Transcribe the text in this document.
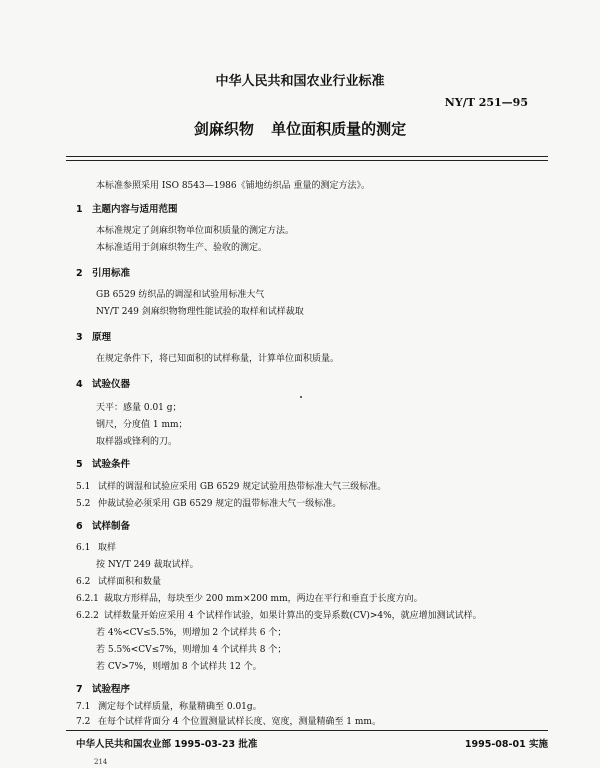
中华人民共和国农业行业标准
NY/T 251—95
剑麻织物 单位面积质量的测定
本标准参照采用 ISO 8543—1986《铺地纺织品 重量的测定方法》。
1 主题内容与适用范围
本标准规定了剑麻织物单位面积质量的测定方法。
本标准适用于剑麻织物生产、验收的测定。
2 引用标准
GB 6529 纺织品的调湿和试验用标准大气
NY/T 249 剑麻织物物理性能试验的取样和试样裁取
3 原理
在规定条件下，将已知面积的试样称量，计算单位面积质量。
4 试验仪器
天平：感量 0.01 g；
钢尺，分度值 1 mm；
取样器或锋利的刀。
5 试验条件
5.1 试样的调湿和试验应采用 GB 6529 规定试验用热带标准大气三级标准。
5.2 仲裁试验必须采用 GB 6529 规定的温带标准大气一级标准。
6 试样制备
6.1 取样
按 NY/T 249 裁取试样。
6.2 试样面积和数量
6.2.1 裁取方形样品，每块至少 200 mm×200 mm，两边在平行和垂直于长度方向。
6.2.2 试样数量开始应采用 4 个试样作试验，如果计算出的变异系数(CV)>4%，就应增加测试试样。
若 4%<CV≤5.5%，则增加 2 个试样共 6 个；
若 5.5%<CV≤7%，则增加 4 个试样共 8 个；
若 CV>7%，则增加 8 个试样共 12 个。
7 试验程序
7.1 测定每个试样质量，称量精确至 0.01g。
7.2 在每个试样背面分 4 个位置测量试样长度、宽度，测量精确至 1 mm。
中华人民共和国农业部 1995-03-23 批准	1995-08-01 实施
214
